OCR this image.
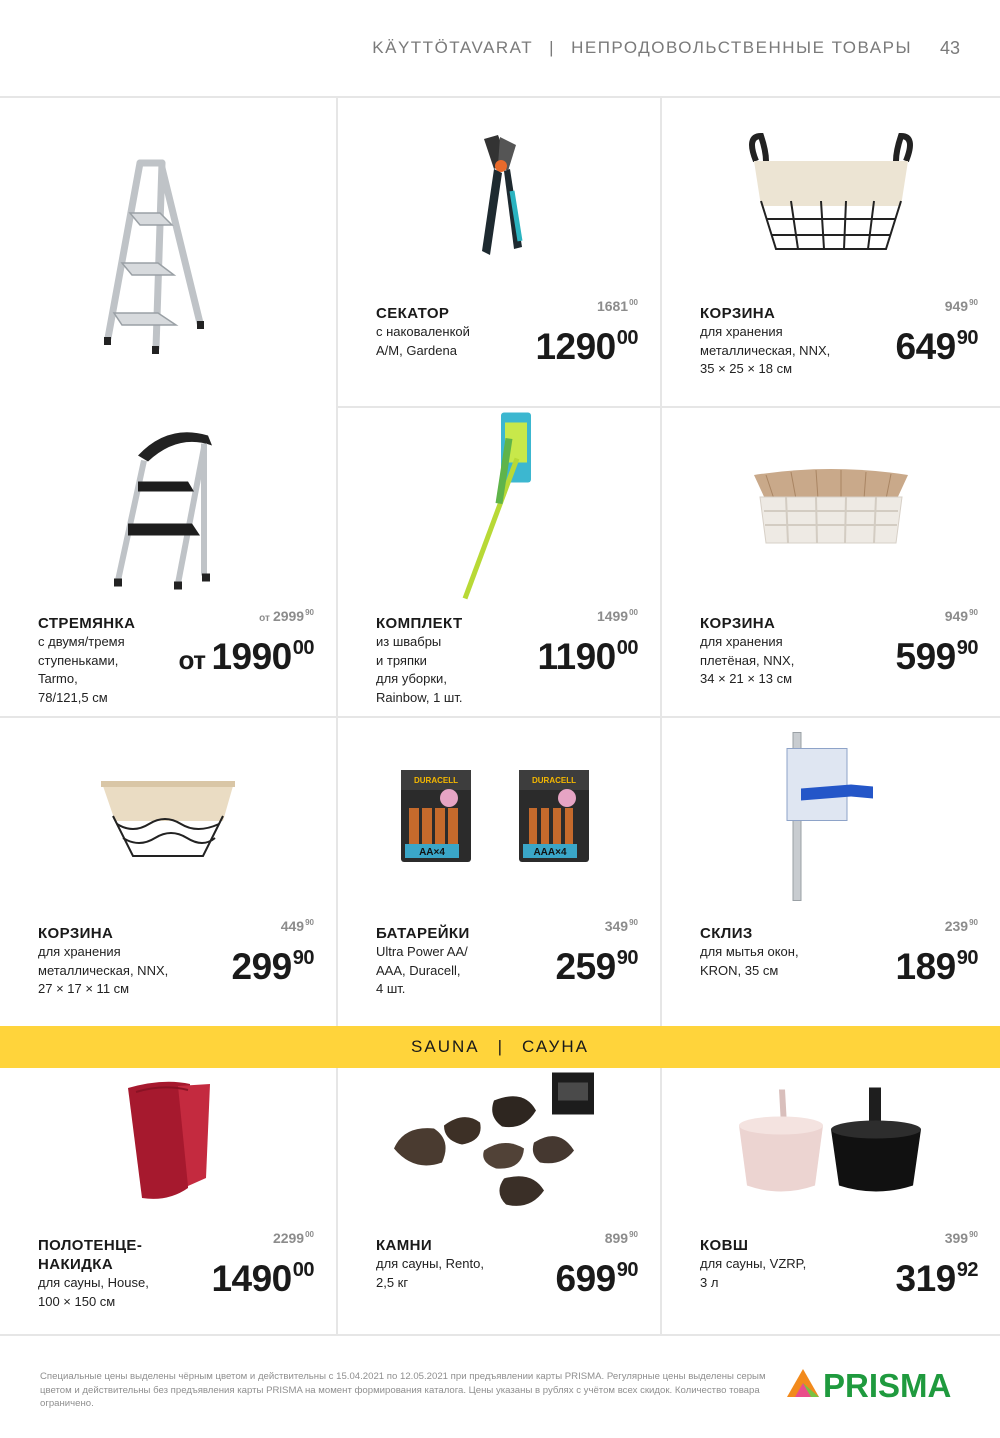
KÄYTTÖTAVARAT | НЕПРОДОВОЛЬСТВЕННЫЕ ТОВАРЫ 43
СЕКАТОР
с наковаленкой
A/M, Gardena
1681$^{00}$
1290$^{00}$
КОРЗИНА
для хранения
металлическая, NNX,
35 × 25 × 18 см
$949^{90}$
$649^{90}$
СТРЕМЯНКА
с двумя/тремя
ступеньками,
Tarmo,
78/121,5 см
от 2999$^{90}$
от 1990$^{00}$
КОМПЛЕКТ
из швабры
и тряпки
для уборки,
Rainbow, 1 шт.
1499$^{00}$
1190$^{00}$
КОРЗИНА
для хранения
плетёная, NNX,
34 × 21 × 13 см
$949^{90}$
$599^{90}$
КОРЗИНА
для хранения
металлическая, NNX,
27 × 17 × 11 см
$449^{90}$
$299^{90}$
DURACELL
AA×4
DURACELL
AAA×4
БАТАРЕЙКИ
Ultra Power AA/
AAA, Duracell,
4 шт.
$349^{90}$
$259^{90}$
СКЛИЗ
для мытья окон,
KRON, 35 см
$239^{90}$
$189^{90}$
ПОЛОТЕНЦЕ-
НАКИДКА
для сауны, House,
100 × 150 см
2299$^{00}$
1490$^{00}$
КАМНИ
для сауны, Rento,
2,5 кг
$899^{90}$
$699^{90}$
КОВШ
для сауны, VZRP,
3 л
$399^{90}$
$319^{92}$
SAUNA | САУНА
Специальные цены выделены чёрным цветом и действительны с 15.04.2021 по 12.05.2021 при предъявлении карты PRISMA. Регулярные цены выделены серым цветом и действительны без предъявления карты PRISMA на момент формирования каталога. Цены указаны в рублях с учётом всех скидок. Количество товара ограничено.	PRISMA
